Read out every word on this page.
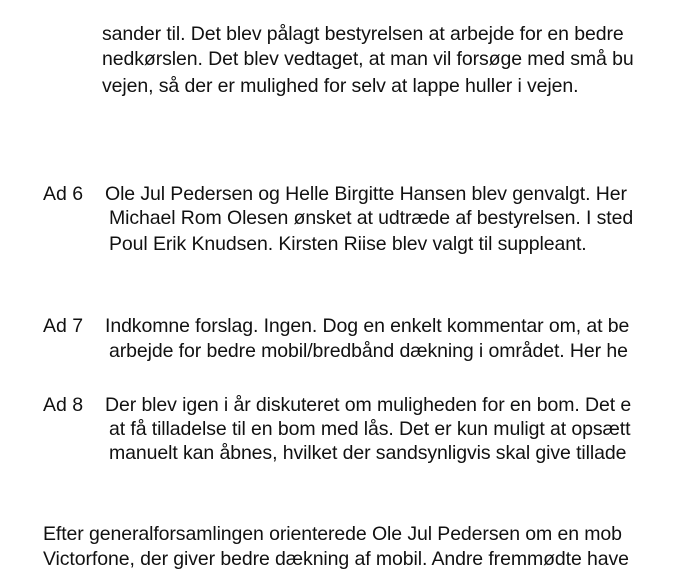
sander til. Det blev pålagt bestyrelsen at arbejde for en bedre
nedkørslen. Det blev vedtaget, at man vil forsøge med små bu
vejen, så der er mulighed for selv at lappe huller i vejen.
Ad 6 Ole Jul Pedersen og Helle Birgitte Hansen blev genvalgt. Her
Michael Rom Olesen ønsket at udtræde af bestyrelsen. I sted
Poul Erik Knudsen. Kirsten Riise blev valgt til suppleant.
Ad 7 Indkomne forslag. Ingen. Dog en enkelt kommentar om, at be
arbejde for bedre mobil/bredbånd dækning i området. Her he
Ad 8 Der blev igen i år diskuteret om muligheden for en bom. Det e
at få tilladelse til en bom med lås. Det er kun muligt at opsætt
manuelt kan åbnes, hvilket der sandsynligvis skal give tillade
Efter generalforsamlingen orienterede Ole Jul Pedersen om en mob
Victorfone, der giver bedre dækning af mobil. Andre fremmødte have
